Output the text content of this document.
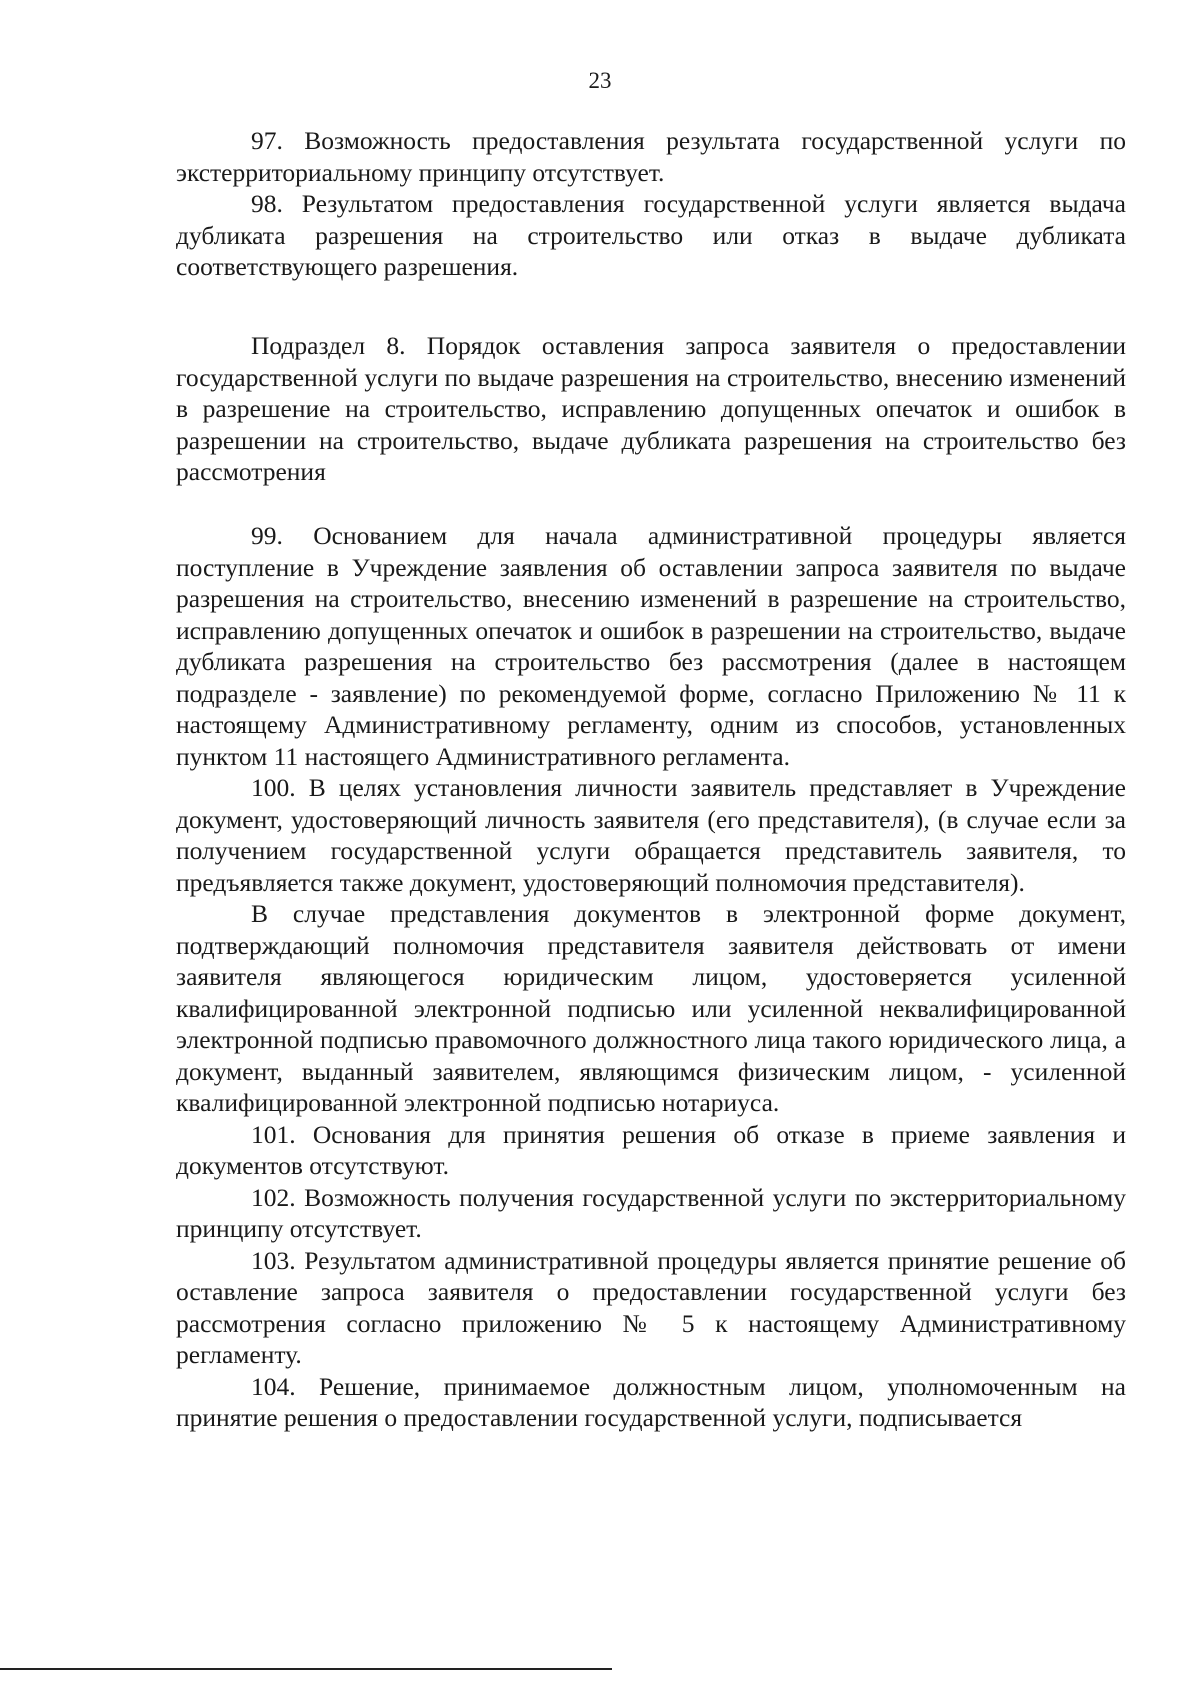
23

97. Возможность предоставления результата государственной услуги по экстерриториальному принципу отсутствует.

98. Результатом предоставления государственной услуги является выдача дубликата разрешения на строительство или отказ в выдаче дубликата соответствующего разрешения.

Подраздел 8. Порядок оставления запроса заявителя о предоставлении государственной услуги по выдаче разрешения на строительство, внесению изменений в разрешение на строительство, исправлению допущенных опечаток и ошибок в разрешении на строительство, выдаче дубликата разрешения на строительство без рассмотрения

99. Основанием для начала административной процедуры является поступление в Учреждение заявления об оставлении запроса заявителя по выдаче разрешения на строительство, внесению изменений в разрешение на строительство, исправлению допущенных опечаток и ошибок в разрешении на строительство, выдаче дубликата разрешения на строительство без рассмотрения (далее в настоящем подразделе - заявление) по рекомендуемой форме, согласно Приложению № 11 к настоящему Административному регламенту, одним из способов, установленных пунктом 11 настоящего Административного регламента.

100. В целях установления личности заявитель представляет в Учреждение документ, удостоверяющий личность заявителя (его представителя), (в случае если за получением государственной услуги обращается представитель заявителя, то предъявляется также документ, удостоверяющий полномочия представителя).

В случае представления документов в электронной форме документ, подтверждающий полномочия представителя заявителя действовать от имени заявителя являющегося юридическим лицом, удостоверяется усиленной квалифицированной электронной подписью или усиленной неквалифицированной электронной подписью правомочного должностного лица такого юридического лица, а документ, выданный заявителем, являющимся физическим лицом, - усиленной квалифицированной электронной подписью нотариуса.

101. Основания для принятия решения об отказе в приеме заявления и документов отсутствуют.

102. Возможность получения государственной услуги по экстерриториальному принципу отсутствует.

103. Результатом административной процедуры является принятие решение об оставление запроса заявителя о предоставлении государственной услуги без рассмотрения согласно приложению № 5 к настоящему Административному регламенту.

104. Решение, принимаемое должностным лицом, уполномоченным на принятие решения о предоставлении государственной услуги, подписывается
